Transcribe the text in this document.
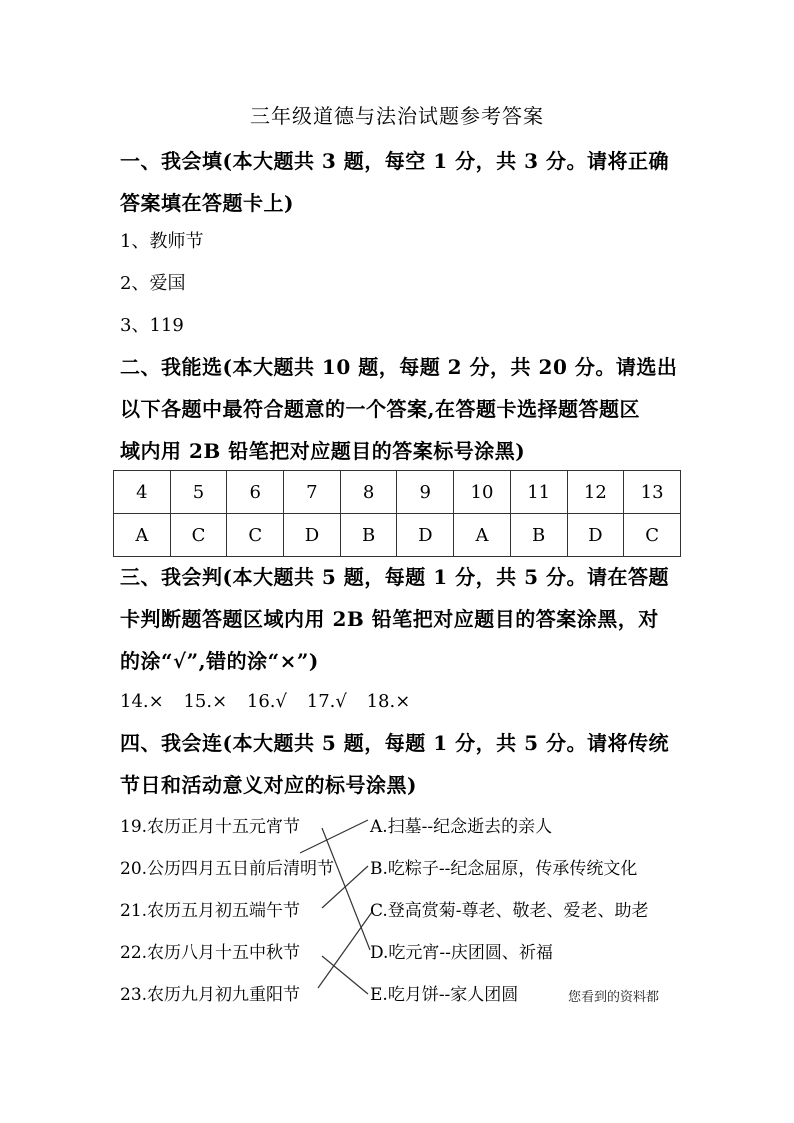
三年级道德与法治试题参考答案
一、我会填(本大题共 3 题，每空 1 分，共 3 分。请将正确
答案填在答题卡上)
1、教师节
2、爱国
3、119
二、我能选(本大题共 10 题，每题 2 分，共 20 分。请选出
以下各题中最符合题意的一个答案,在答题卡选择题答题区
域内用 2B 铅笔把对应题目的答案标号涂黑)
4	5	6	7	8	9	10	11	12	13
A	C	C	D	B	D	A	B	D	C
三、我会判(本大题共 5 题，每题 1 分，共 5 分。请在答题
卡判断题答题区域内用 2B 铅笔把对应题目的答案涂黑，对
的涂“√”,错的涂“×”)
14.× 15.× 16.√ 17.√ 18.×
四、我会连(本大题共 5 题，每题 1 分，共 5 分。请将传统
节日和活动意义对应的标号涂黑)
19.农历正月十五元宵节
20.公历四月五日前后清明节
21.农历五月初五端午节
22.农历八月十五中秋节
23.农历九月初九重阳节
A.扫墓--纪念逝去的亲人
B.吃粽子--纪念屈原，传承传统文化
C.登高赏菊-尊老、敬老、爱老、助老
D.吃元宵--庆团圆、祈福
E.吃月饼--家人团圆	您看到的资料都
